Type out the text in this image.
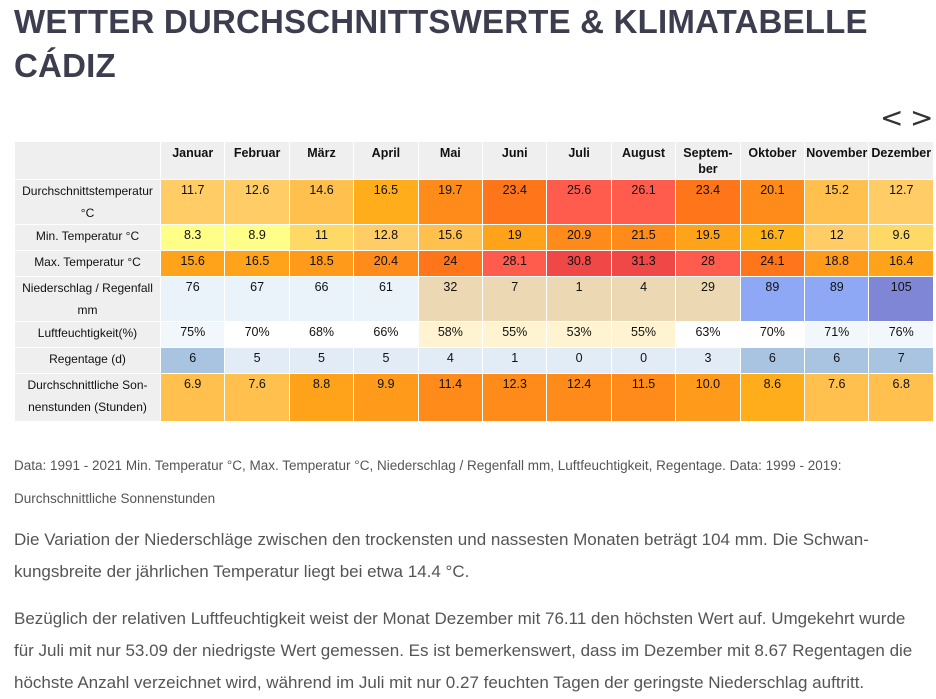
WETTER DURCHSCHNITTSWERTE & KLIMATABELLE CÁDIZ
< >
	Januar	Februar	März	April	Mai	Juni	Juli	August	Septem-ber	Oktober	November	Dezember
Durchschnittstemperatur °C	11.7	12.6	14.6	16.5	19.7	23.4	25.6	26.1	23.4	20.1	15.2	12.7
Min. Temperatur °C	8.3	8.9	11	12.8	15.6	19	20.9	21.5	19.5	16.7	12	9.6
Max. Temperatur °C	15.6	16.5	18.5	20.4	24	28.1	30.8	31.3	28	24.1	18.8	16.4
Niederschlag / Regenfall mm	76	67	66	61	32	7	1	4	29	89	89	105
Luftfeuchtigkeit(%)	75%	70%	68%	66%	58%	55%	53%	55%	63%	70%	71%	76%
Regentage (d)	6	5	5	5	4	1	0	0	3	6	6	7
Durchschnittliche Son-nenstunden (Stunden)	6.9	7.6	8.8	9.9	11.4	12.3	12.4	11.5	10.0	8.6	7.6	6.8

Data: 1991 - 2021 Min. Temperatur °C, Max. Temperatur °C, Niederschlag / Regenfall mm, Luftfeuchtigkeit, Regentage. Data: 1999 - 2019: Durchschnittliche Sonnenstunden

Die Variation der Niederschläge zwischen den trockensten und nassesten Monaten beträgt 104 mm. Die Schwan-kungsbreite der jährlichen Temperatur liegt bei etwa 14.4 °C.

Bezüglich der relativen Luftfeuchtigkeit weist der Monat Dezember mit 76.11 den höchsten Wert auf. Umgekehrt wurde für Juli mit nur 53.09 der niedrigste Wert gemessen. Es ist bemerkenswert, dass im Dezember mit 8.67 Regentagen die höchste Anzahl verzeichnet wird, während im Juli mit nur 0.27 feuchten Tagen der geringste Niederschlag auftritt.
